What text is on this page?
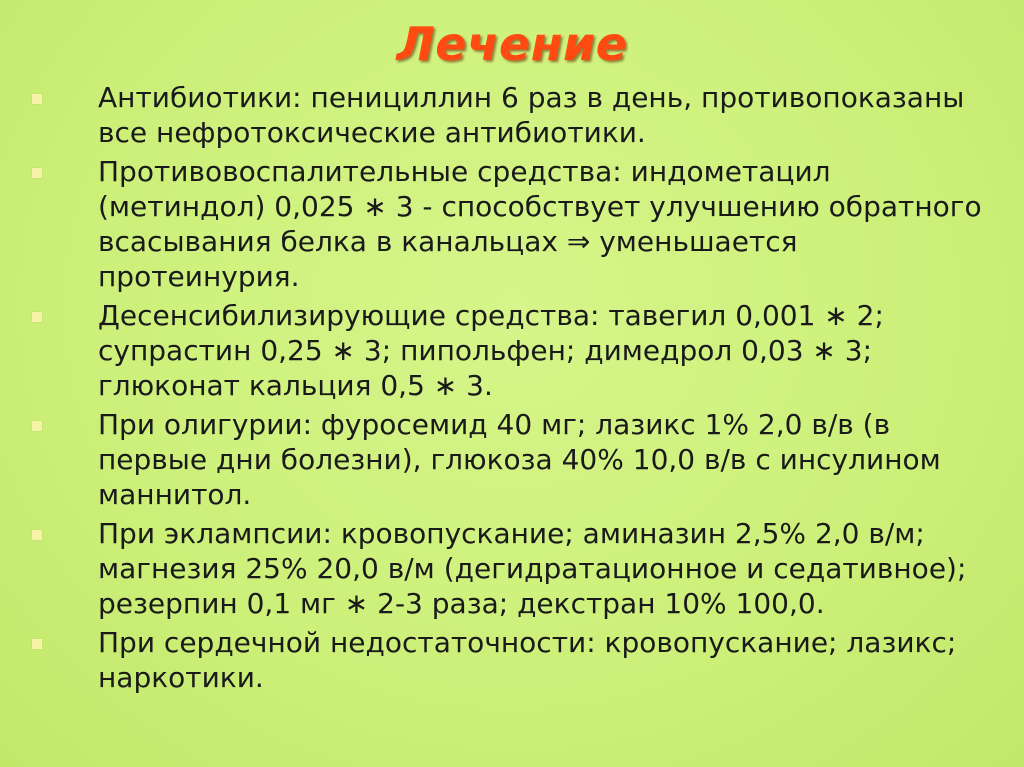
Лечение
Антибиотики: пенициллин 6 раз в день, противопоказаны все нефротоксические антибиотики.
Противовоспалительные средства: индометацил (метиндол) 0,025 ∗ 3 - способствует улучшению обратного всасывания белка в канальцах ⇒ уменьшается протеинурия.
Десенсибилизирующие средства: тавегил 0,001 ∗ 2; супрастин 0,25 ∗ 3; пипольфен; димедрол 0,03 ∗ 3; глюконат кальция 0,5 ∗ 3.
При олигурии: фуросемид 40 мг; лазикс 1% 2,0 в/в (в первые дни болезни), глюкоза 40% 10,0 в/в с инсулином маннитол.
При эклампсии: кровопускание; аминазин 2,5% 2,0 в/м; магнезия 25% 20,0 в/м (дегидратационное и седативное); резерпин 0,1 мг ∗ 2-3 раза; декстран 10% 100,0.
При сердечной недостаточности: кровопускание; лазикс; наркотики.
